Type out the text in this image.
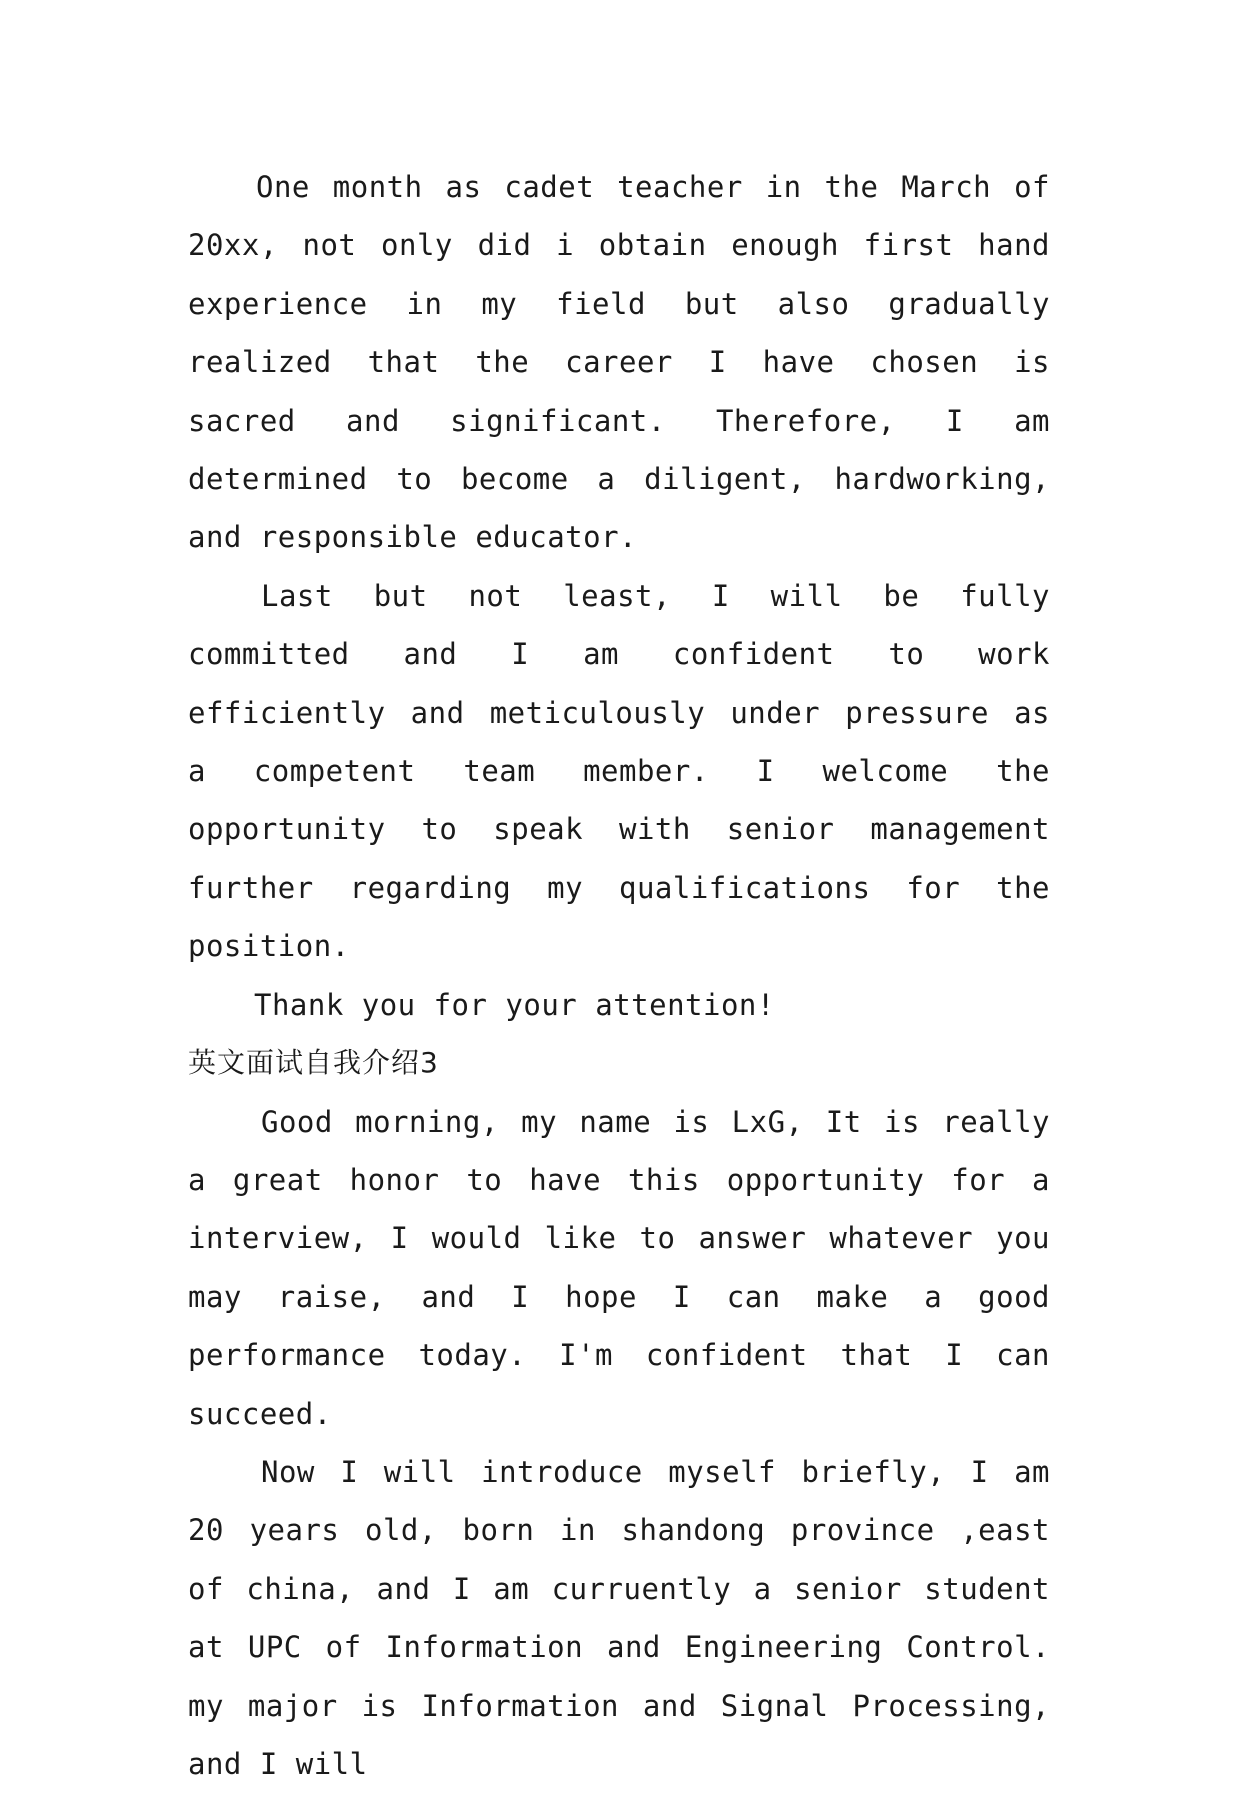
One month as cadet teacher in the March of 20xx, not only did i obtain enough first hand experience in my field but also gradually realized that the career I have chosen is sacred and significant. Therefore, I am determined to become a diligent, hardworking, and responsible educator.

Last but not least, I will be fully committed and I am confident to work efficiently and meticulously under pressure as a competent team member. I welcome the opportunity to speak with senior management further regarding my qualifications for the position.

Thank you for your attention!

英文面试自我介绍3

Good morning, my name is LxG, It is really a great honor to have this opportunity for a interview, I would like to answer whatever you may raise, and I hope I can make a good performance today. I'm confident that I can succeed.

Now I will introduce myself briefly, I am 20 years old, born in shandong province ,east of china, and I am curruently a senior student at UPC of Information and Engineering Control. my major is Information and Signal Processing, and I will
